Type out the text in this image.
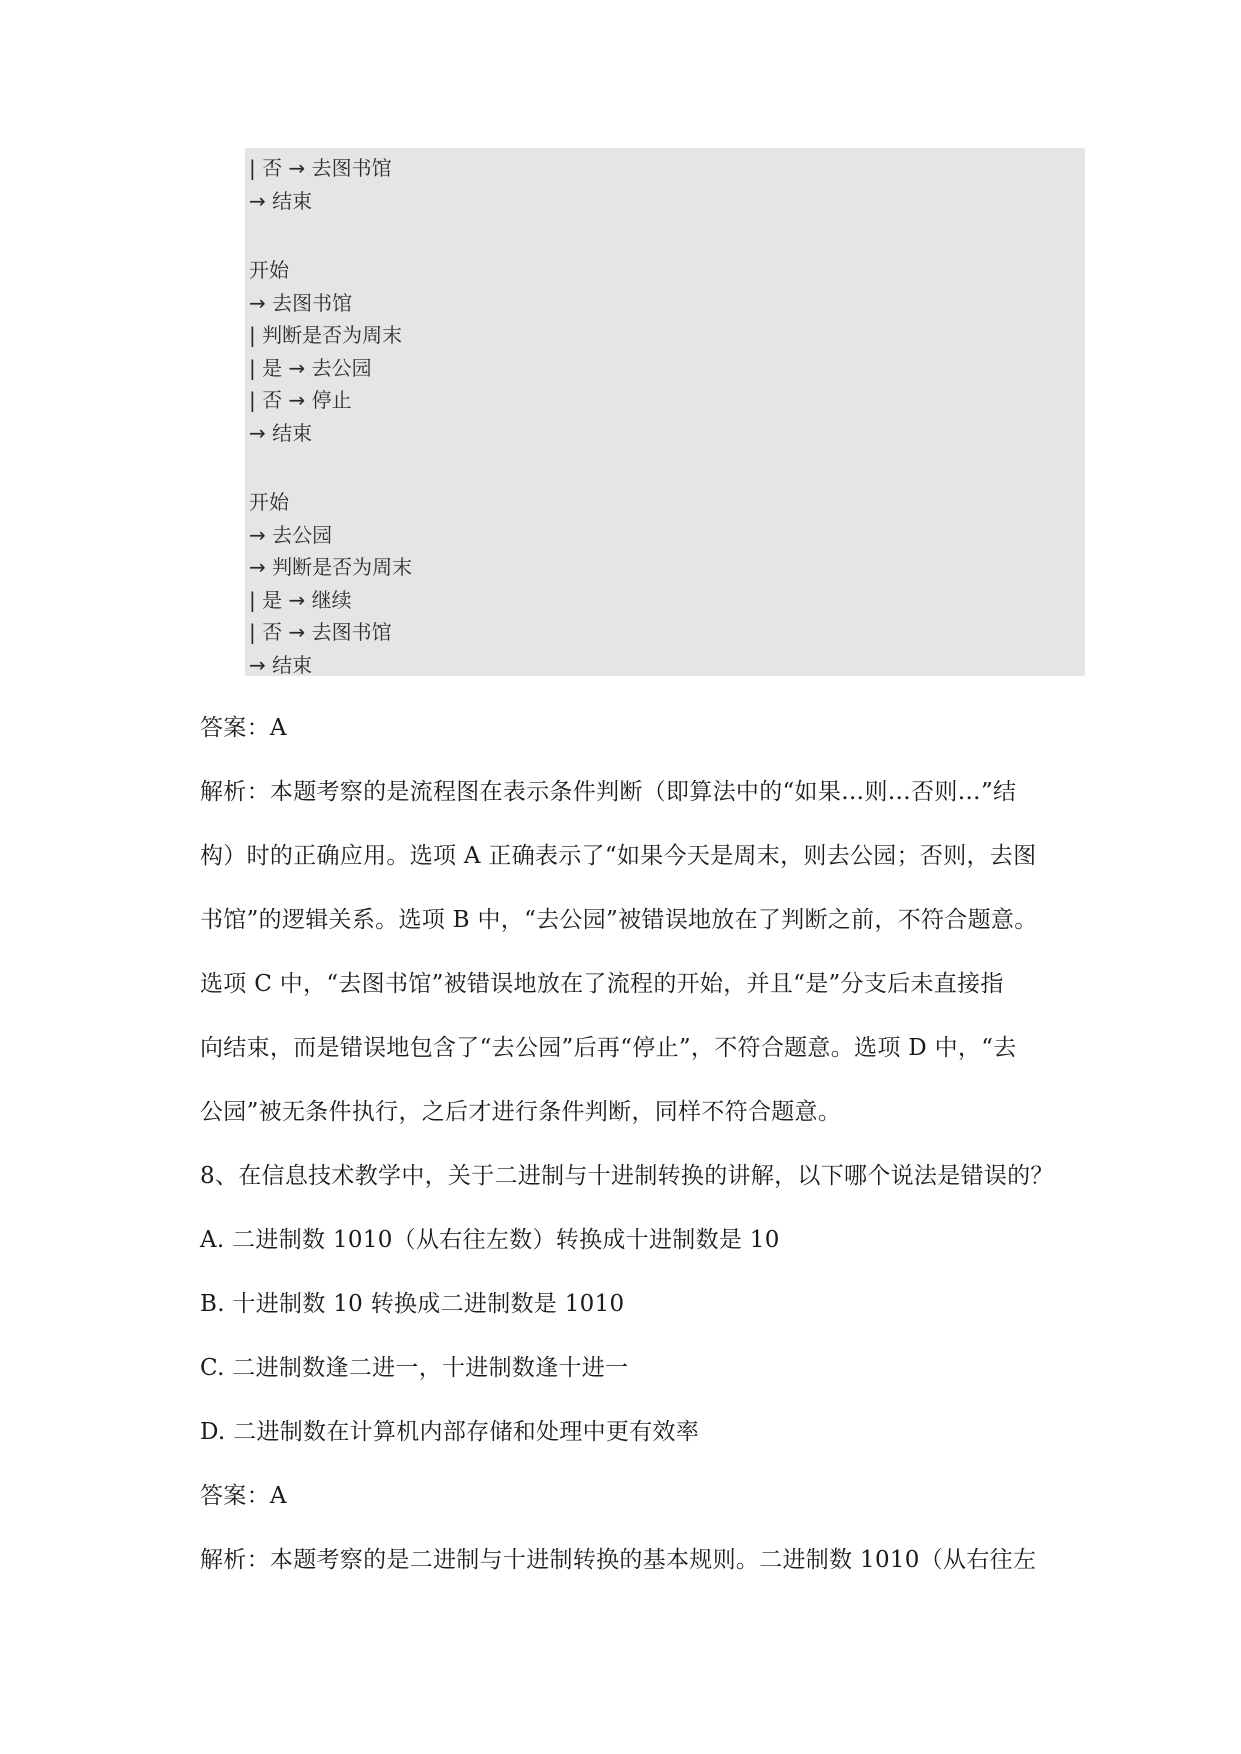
| 否 → 去图书馆
→ 结束
开始
→ 去图书馆
| 判断是否为周末
| 是 → 去公园
| 否 → 停止
→ 结束
开始
→ 去公园
→ 判断是否为周末
| 是 → 继续
| 否 → 去图书馆
→ 结束
答案：A
解析：本题考察的是流程图在表示条件判断（即算法中的“如果…则…否则…”结
构）时的正确应用。选项 A 正确表示了“如果今天是周末，则去公园；否则，去图
书馆”的逻辑关系。选项 B 中，“去公园”被错误地放在了判断之前，不符合题意。
选项 C 中，“去图书馆”被错误地放在了流程的开始，并且“是”分支后未直接指
向结束，而是错误地包含了“去公园”后再“停止”，不符合题意。选项 D 中，“去
公园”被无条件执行，之后才进行条件判断，同样不符合题意。
8、在信息技术教学中，关于二进制与十进制转换的讲解，以下哪个说法是错误的？
A. 二进制数 1010（从右往左数）转换成十进制数是 10
B. 十进制数 10 转换成二进制数是 1010
C. 二进制数逢二进一，十进制数逢十进一
D. 二进制数在计算机内部存储和处理中更有效率
答案：A
解析：本题考察的是二进制与十进制转换的基本规则。二进制数 1010（从右往左
